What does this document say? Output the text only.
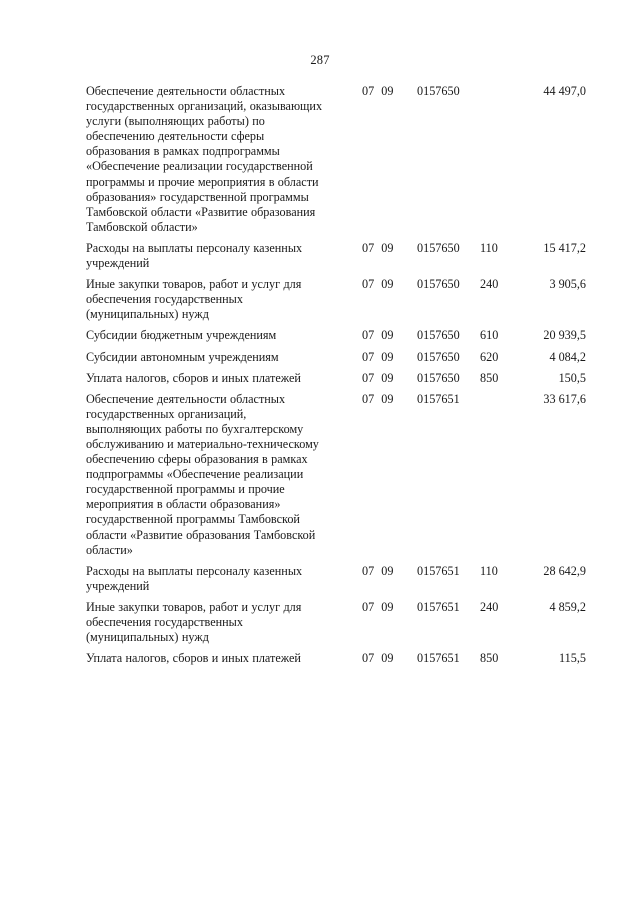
287
Обеспечение деятельности областных
государственных организаций, оказывающих
услуги (выполняющих работы) по
обеспечению деятельности сферы
образования в рамках подпрограммы
«Обеспечение реализации государственной
программы и прочие мероприятия в области
образования» государственной программы
Тамбовской области «Развитие образования
Тамбовской области»
07 09 0157650	44 497,0
Расходы на выплаты персоналу казенных
учреждений
07 09 0157650 110	15 417,2
Иные закупки товаров, работ и услуг для
обеспечения государственных
(муниципальных) нужд
07 09 0157650 240	3 905,6
Субсидии бюджетным учреждениям	07 09 0157650 610	20 939,5
Субсидии автономным учреждениям	07 09 0157650 620	4 084,2
Уплата налогов, сборов и иных платежей	07 09 0157650 850	150,5
Обеспечение деятельности областных
государственных организаций,
выполняющих работы по бухгалтерскому
обслуживанию и материально-техническому
обеспечению сферы образования в рамках
подпрограммы «Обеспечение реализации
государственной программы и прочие
мероприятия в области образования»
государственной программы Тамбовской
области «Развитие образования Тамбовской
области»
07 09 0157651	33 617,6
Расходы на выплаты персоналу казенных
учреждений
07 09 0157651 110	28 642,9
Иные закупки товаров, работ и услуг для
обеспечения государственных
(муниципальных) нужд
07 09 0157651 240	4 859,2
Уплата налогов, сборов и иных платежей	07 09 0157651 850	115,5
